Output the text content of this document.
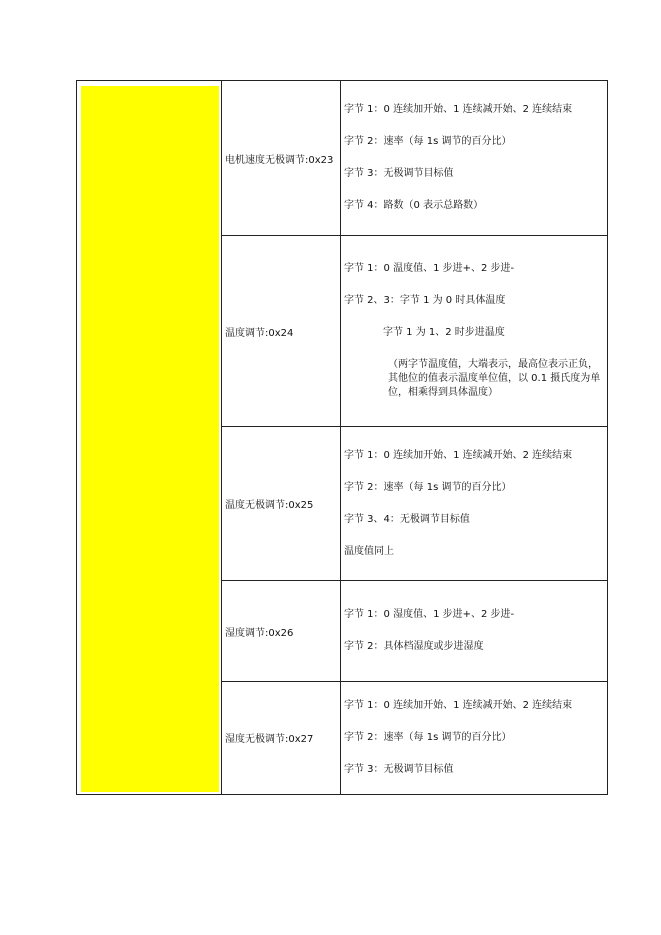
	电机速度无极调节:0x23	字节 1：0 连续加开始、1 连续减开始、2 连续结束

字节 2：速率（每 1s 调节的百分比）

字节 3：无极调节目标值

字节 4：路数（0 表示总路数）

	温度调节:0x24	字节 1：0 温度值、1 步进+、2 步进-

字节 2、3：字节 1 为 0 时具体温度

字节 1 为 1、2 时步进温度

（两字节温度值，大端表示，最高位表示正负，其他位的值表示温度单位值，以 0.1 摄氏度为单位，相乘得到具体温度）

	温度无极调节:0x25	字节 1：0 连续加开始、1 连续减开始、2 连续结束

字节 2：速率（每 1s 调节的百分比）

字节 3、4：无极调节目标值

温度值同上

	湿度调节:0x26	字节 1：0 湿度值、1 步进+、2 步进-

字节 2：具体档湿度或步进湿度

	湿度无极调节:0x27	字节 1：0 连续加开始、1 连续减开始、2 连续结束

字节 2：速率（每 1s 调节的百分比）

字节 3：无极调节目标值
